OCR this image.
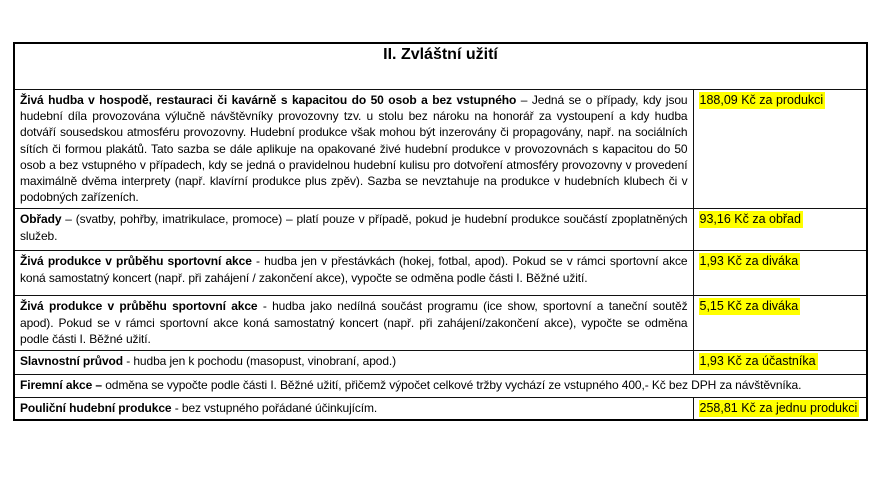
II. Zvláštní užití	
Živá hudba v hospodě, restauraci či kavárně s kapacitou do 50 osob a bez vstupného – Jedná se o případy, kdy jsou hudební díla provozována výlučně návštěvníky provozovny tzv. u stolu bez nároku na honorář za vystoupení a kdy hudba dotváří sousedskou atmosféru provozovny. Hudební produkce však mohou být inzerovány či propagovány, např. na sociálních sítích či formou plakátů. Tato sazba se dále aplikuje na opakované živé hudební produkce v provozovnách s kapacitou do 50 osob a bez vstupného v případech, kdy se jedná o pravidelnou hudební kulisu pro dotvoření atmosféry provozovny v provedení maximálně dvěma interprety (např. klavírní produkce plus zpěv). Sazba se nevztahuje na produkce v hudebních klubech či v podobných zařízeních.	188,09 Kč za produkci
Obřady – (svatby, pohřby, imatrikulace, promoce) – platí pouze v případě, pokud je hudební produkce součástí zpoplatněných služeb.	93,16 Kč za obřad
Živá produkce v průběhu sportovní akce - hudba jen v přestávkách (hokej, fotbal, apod). Pokud se v rámci sportovní akce koná samostatný koncert (např. při zahájení / zakončení akce), vypočte se odměna podle části I. Běžné užití.	1,93 Kč za diváka
Živá produkce v průběhu sportovní akce - hudba jako nedílná součást programu (ice show, sportovní a taneční soutěž apod). Pokud se v rámci sportovní akce koná samostatný koncert (např. při zahájení/zakončení akce), vypočte se odměna podle části I. Běžné užití.	5,15 Kč za diváka
Slavnostní průvod - hudba jen k pochodu (masopust, vinobraní, apod.)	1,93 Kč za účastníka
Firemní akce – odměna se vypočte podle části I. Běžné užití, přičemž výpočet celkové tržby vychází ze vstupného 400,- Kč bez DPH za návštěvníka.	
Pouliční hudební produkce - bez vstupného pořádané účinkujícím.	258,81 Kč za jednu produkci
